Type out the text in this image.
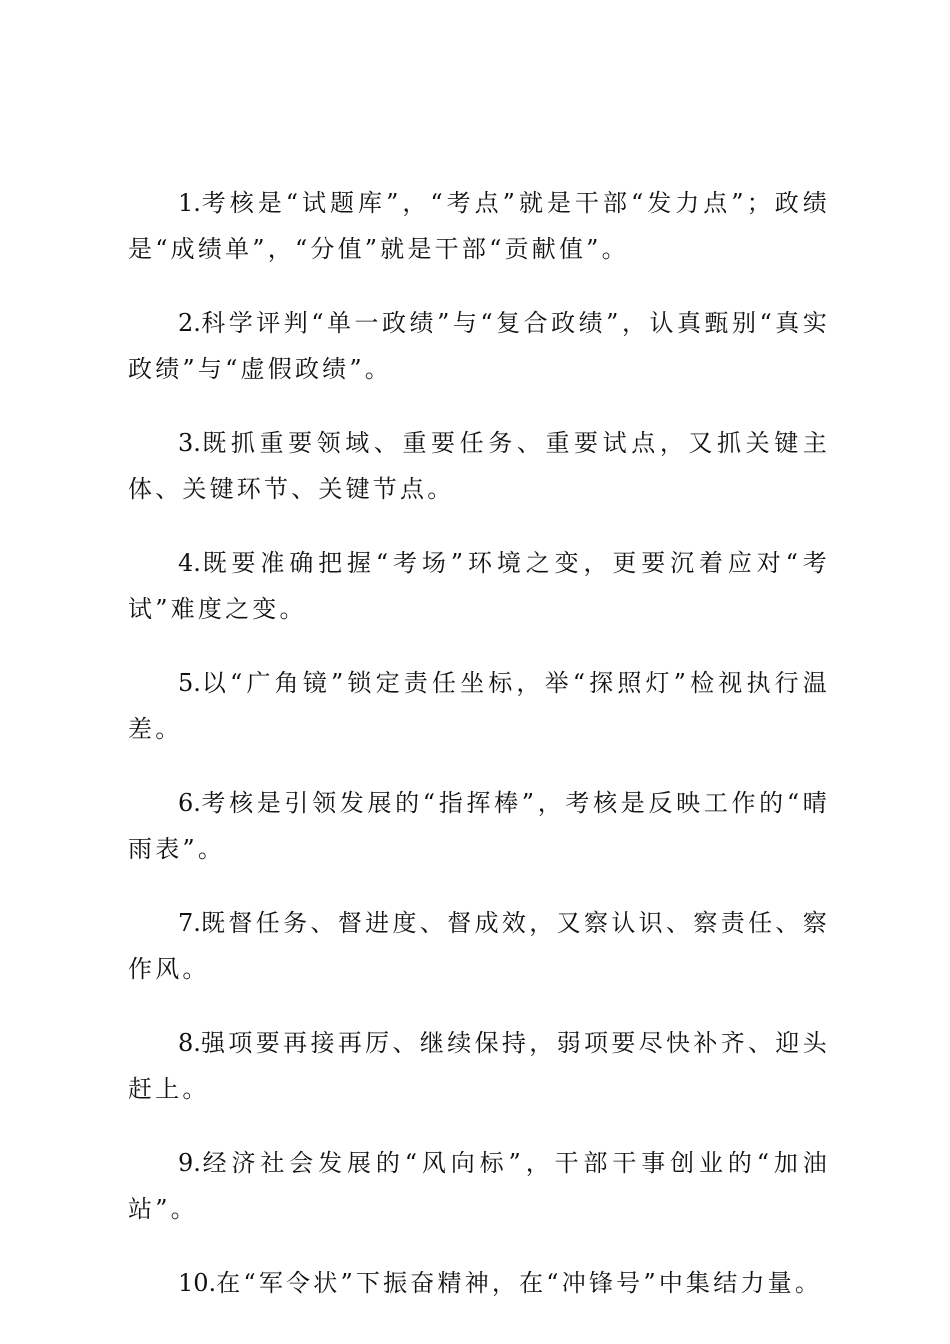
1.考核是“试题库”，“考点”就是干部“发力点”；政绩是“成绩单”，“分值”就是干部“贡献值”。

2.科学评判“单一政绩”与“复合政绩”，认真甄别“真实政绩”与“虚假政绩”。

3.既抓重要领域、重要任务、重要试点，又抓关键主体、关键环节、关键节点。

4.既要准确把握“考场”环境之变，更要沉着应对“考试”难度之变。

5.以“广角镜”锁定责任坐标，举“探照灯”检视执行温差。

6.考核是引领发展的“指挥棒”，考核是反映工作的“晴雨表”。

7.既督任务、督进度、督成效，又察认识、察责任、察作风。

8.强项要再接再厉、继续保持，弱项要尽快补齐、迎头赶上。

9.经济社会发展的“风向标”，干部干事创业的“加油站”。

10.在“军令状”下振奋精神，在“冲锋号”中集结力量。
